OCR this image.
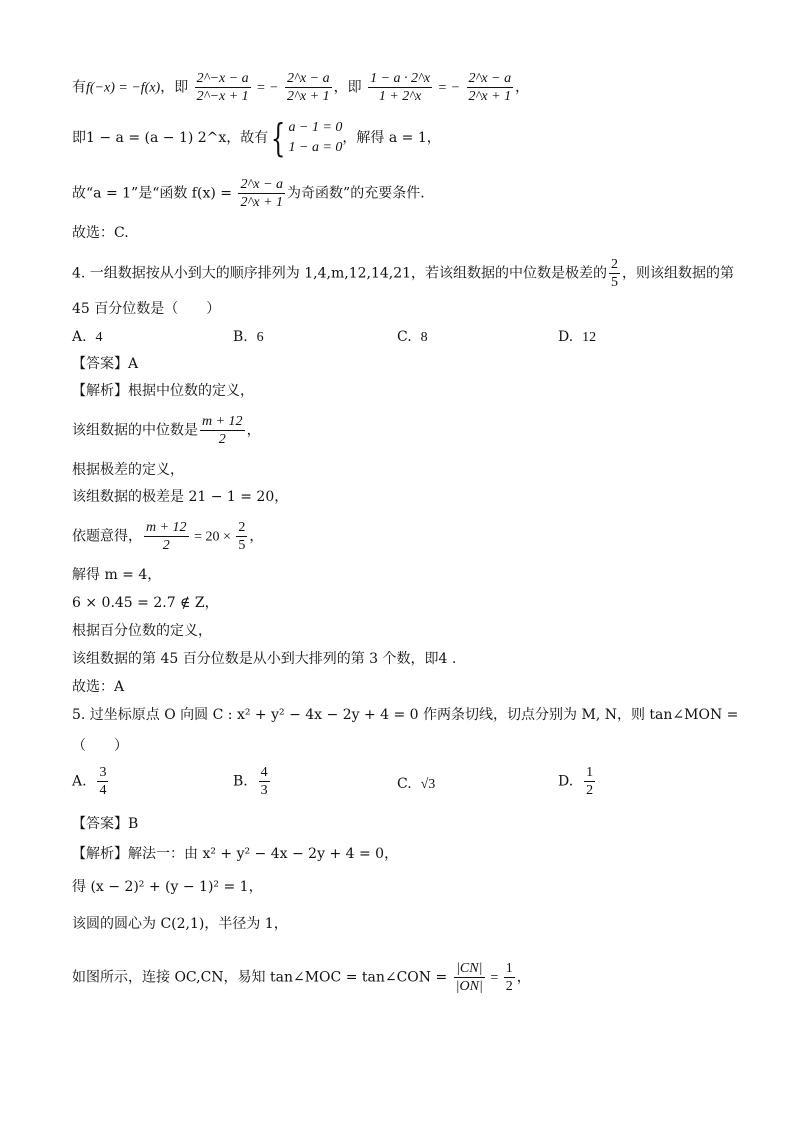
有f(−x) = −f(x)，即 $\frac{2\^{}-x - a}{2\^{}-x + 1}$ = − $\frac{2\^{}x - a}{2\^{}x + 1}$ ，即 $\frac{1 - a \cdot 2\^{}x}{1 + 2\^{}x}$ = − $\frac{2\^{}x - a}{2\^{}x + 1}$ ，
即1 − a = (a − 1) 2^x，故有{ a − 1 = 0
1 − a = 0
，解得 a = 1，
故“a = 1”是“函数 $f(x) = \frac{2\^{}x - a}{2\^{}x + 1}$ 为奇函数”的充要条件.
故选：C.
4. 一组数据按从小到大的顺序排列为 1,4,m,12,14,21，若该组数据的中位数是极差的 $\frac{2}{5}$ ，则该组数据的第
45 百分位数是（　　）
A. 4	B. 6	C. 8	D. 12
【答案】A
【解析】根据中位数的定义，
该组数据的中位数是 $\frac{m + 12}{2}$ ，
根据极差的定义，
该组数据的极差是 21 − 1 = 20，
依题意得， $\frac{m + 12}{2} = 20 \times \frac{2}{5}$ ，
解得 m = 4，
6 × 0.45 = 2.7 ∉ Z，
根据百分位数的定义，
该组数据的第 45 百分位数是从小到大排列的第 3 个数，即4 .
故选：A
5. 过坐标原点 O 向圆 C : x² + y² − 4x − 2y + 4 = 0 作两条切线，切点分别为 M, N，则 tan∠MON =
（　　）
A. $\frac{3}{4}$	B. $\frac{4}{3}$	C. √3	D. $\frac{1}{2}$
【答案】B
【解析】解法一：由 x² + y² − 4x − 2y + 4 = 0，
得 (x − 2)² + (y − 1)² = 1，
该圆的圆心为 C(2,1)，半径为 1，
如图所示，连接 OC,CN，易知 tan∠MOC = tan∠CON = $\frac{|CN|}{|ON|} = \frac{1}{2}$ ，
